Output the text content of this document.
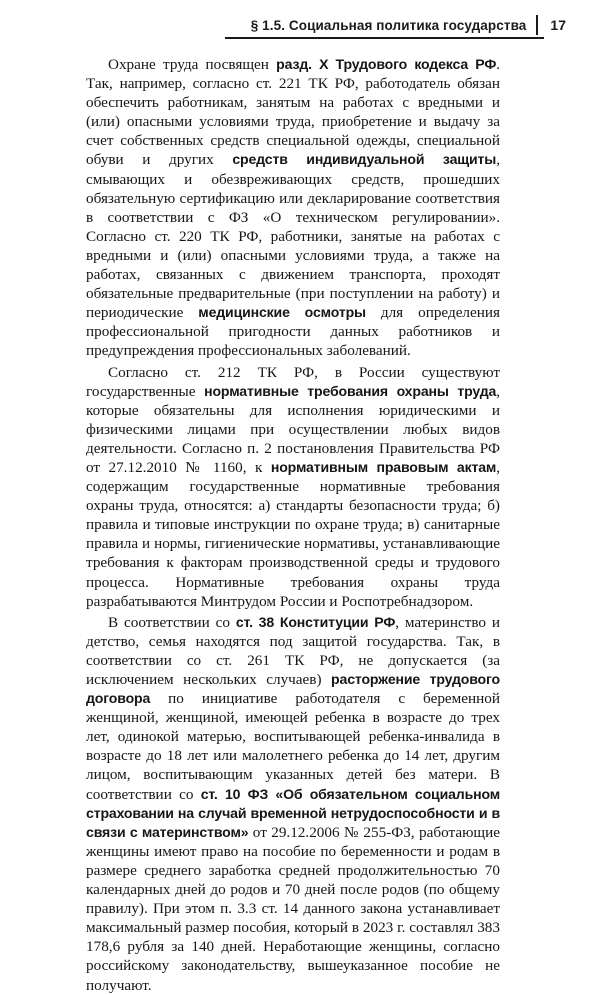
§ 1.5. Социальная политика государства 17

Охране труда посвящен разд. X Трудового кодекса РФ. Так, например, согласно ст. 221 ТК РФ, работодатель обязан обеспечить работникам, занятым на работах с вредными и (или) опасными условиями труда, приобретение и выдачу за счет собственных средств специальной одежды, специальной обуви и других средств индивидуальной защиты, смывающих и обезвреживающих средств, прошедших обязательную сертификацию или декларирование соответствия в соответствии с ФЗ «О техническом регулировании». Согласно ст. 220 ТК РФ, работники, занятые на работах с вредными и (или) опасными условиями труда, а также на работах, связанных с движением транспорта, проходят обязательные предварительные (при поступлении на работу) и периодические медицинские осмотры для определения профессиональной пригодности данных работников и предупреждения профессиональных заболеваний.

Согласно ст. 212 ТК РФ, в России существуют государственные нормативные требования охраны труда, которые обязательны для исполнения юридическими и физическими лицами при осуществлении любых видов деятельности. Согласно п. 2 постановления Правительства РФ от 27.12.2010 № 1160, к нормативным правовым актам, содержащим государственные нормативные требования охраны труда, относятся: а) стандарты безопасности труда; б) правила и типовые инструкции по охране труда; в) санитарные правила и нормы, гигиенические нормативы, устанавливающие требования к факторам производственной среды и трудового процесса. Нормативные требования охраны труда разрабатываются Минтрудом России и Роспотребнадзором.

В соответствии со ст. 38 Конституции РФ, материнство и детство, семья находятся под защитой государства. Так, в соответствии со ст. 261 ТК РФ, не допускается (за исключением нескольких случаев) расторжение трудового договора по инициативе работодателя с беременной женщиной, женщиной, имеющей ребенка в возрасте до трех лет, одинокой матерью, воспитывающей ребенка-инвалида в возрасте до 18 лет или малолетнего ребенка до 14 лет, другим лицом, воспитывающим указанных детей без матери. В соответствии со ст. 10 ФЗ «Об обязательном социальном страховании на случай временной нетрудоспособности и в связи с материнством» от 29.12.2006 № 255-ФЗ, работающие женщины имеют право на пособие по беременности и родам в размере среднего заработка средней продолжительностью 70 календарных дней до родов и 70 дней после родов (по общему правилу). При этом п. 3.3 ст. 14 данного закона устанавливает максимальный размер пособия, который в 2023 г. составлял 383 178,6 рубля за 140 дней. Неработающие женщины, согласно российскому законодательству, вышеуказанное пособие не получают.
